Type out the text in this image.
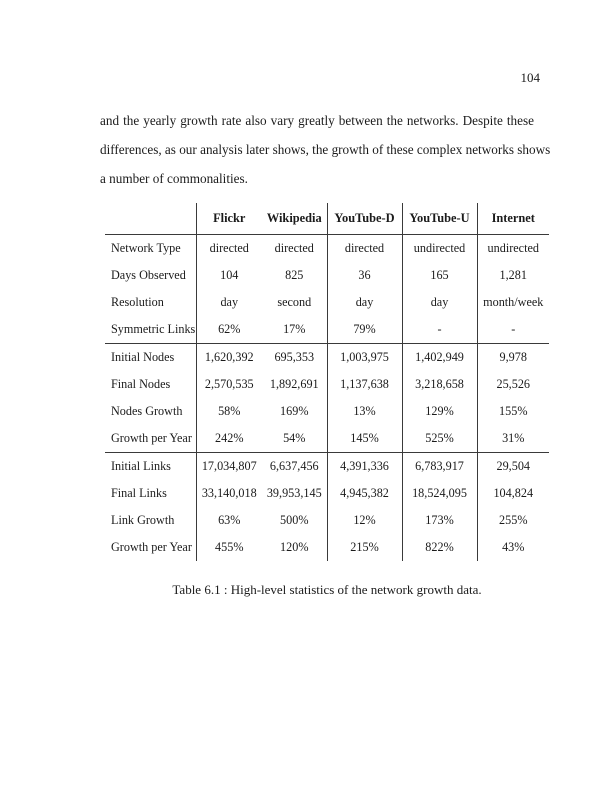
104
and the yearly growth rate also vary greatly between the networks. Despite these
differences, as our analysis later shows, the growth of these complex networks shows
a number of commonalities.
	Flickr	Wikipedia	YouTube-D	YouTube-U	Internet
Network Type	directed	directed	directed	undirected	undirected
Days Observed	104	825	36	165	1,281
Resolution	day	second	day	day	month/week
Symmetric Links	62%	17%	79%	-	-
Initial Nodes	1,620,392	695,353	1,003,975	1,402,949	9,978
Final Nodes	2,570,535	1,892,691	1,137,638	3,218,658	25,526
Nodes Growth	58%	169%	13%	129%	155%
Growth per Year	242%	54%	145%	525%	31%
Initial Links	17,034,807	6,637,456	4,391,336	6,783,917	29,504
Final Links	33,140,018	39,953,145	4,945,382	18,524,095	104,824
Link Growth	63%	500%	12%	173%	255%
Growth per Year	455%	120%	215%	822%	43%
Table 6.1 : High-level statistics of the network growth data.
